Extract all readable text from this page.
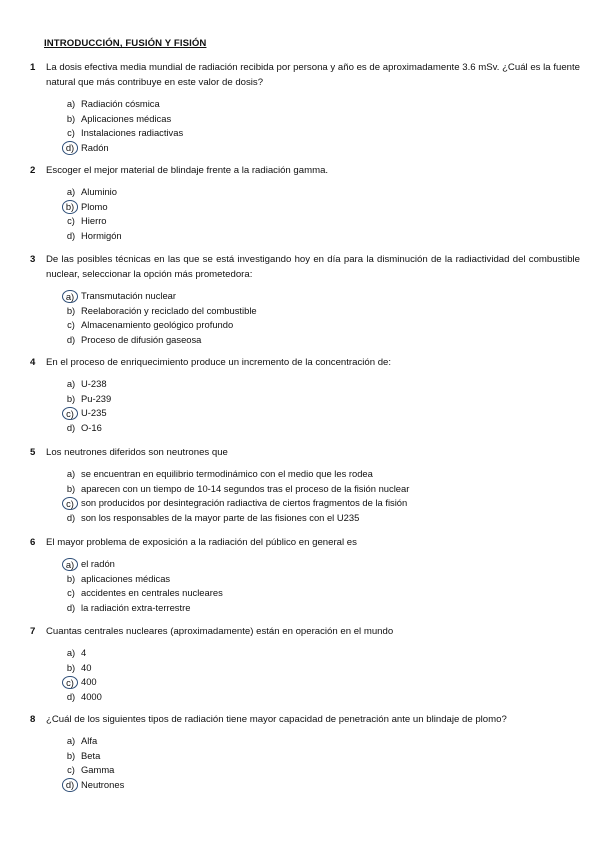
INTRODUCCIÓN, FUSIÓN Y FISIÓN
1 La dosis efectiva media mundial de radiación recibida por persona y año es de aproximadamente 3.6 mSv. ¿Cuál es la fuente natural que más contribuye en este valor de dosis?
a) Radiación cósmica
b) Aplicaciones médicas
c) Instalaciones radiactivas
d) Radón
2 Escoger el mejor material de blindaje frente a la radiación gamma.
a) Aluminio
b) Plomo
c) Hierro
d) Hormigón
3 De las posibles técnicas en las que se está investigando hoy en día para la disminución de la radiactividad del combustible nuclear, seleccionar la opción más prometedora:
a) Transmutación nuclear
b) Reelaboración y reciclado del combustible
c) Almacenamiento geológico profundo
d) Proceso de difusión gaseosa
4 En el proceso de enriquecimiento produce un incremento de la concentración de:
a) U-238
b) Pu-239
c) U-235
d) O-16
5 Los neutrones diferidos son neutrones que
a) se encuentran en equilibrio termodinámico con el medio que les rodea
b) aparecen con un tiempo de 10-14 segundos tras el proceso de la fisión nuclear
c) son producidos por desintegración radiactiva de ciertos fragmentos de la fisión
d) son los responsables de la mayor parte de las fisiones con el U235
6 El mayor problema de exposición a la radiación del público en general es
a) el radón
b) aplicaciones médicas
c) accidentes en centrales nucleares
d) la radiación extra-terrestre
7 Cuantas centrales nucleares (aproximadamente) están en operación en el mundo
a) 4
b) 40
c) 400
d) 4000
8 ¿Cuál de los siguientes tipos de radiación tiene mayor capacidad de penetración ante un blindaje de plomo?
a) Alfa
b) Beta
c) Gamma
d) Neutrones
